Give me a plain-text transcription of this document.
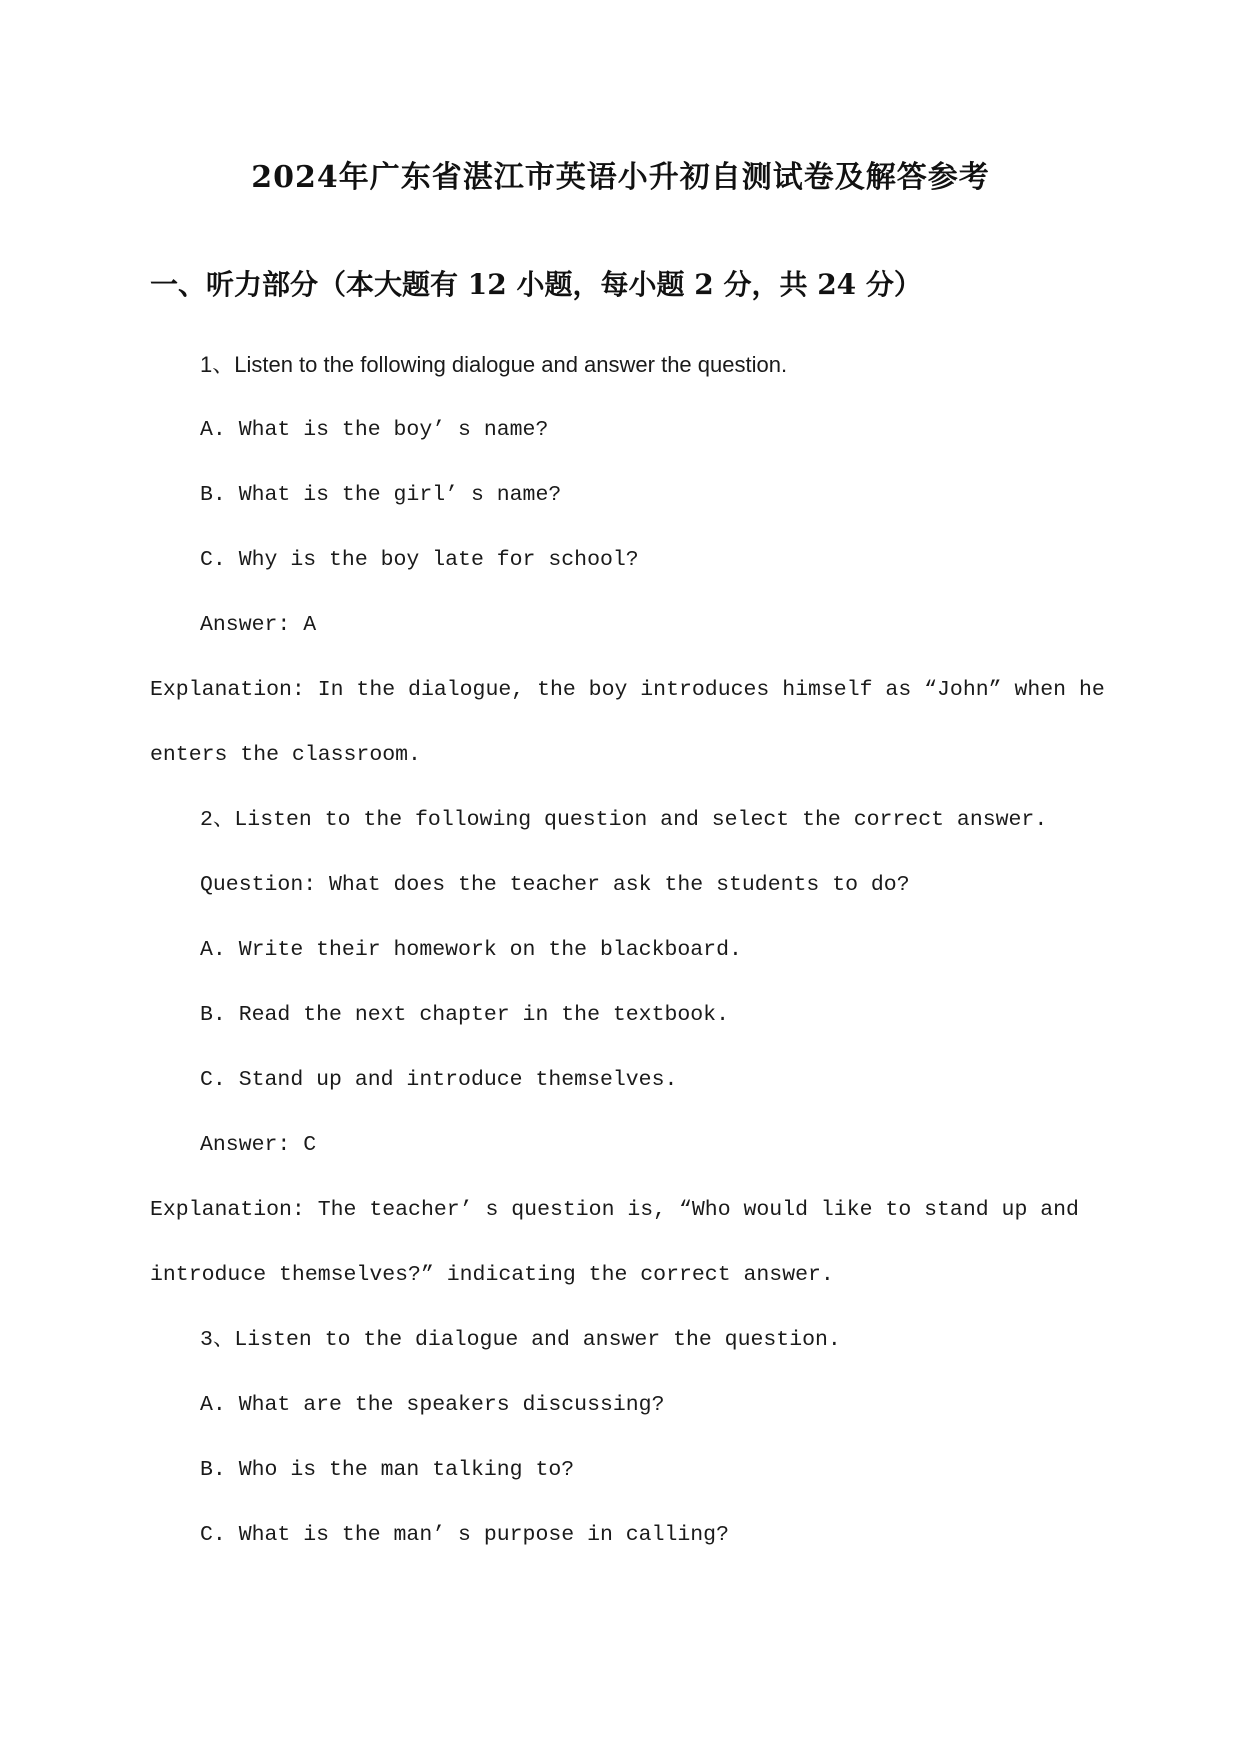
2024年广东省湛江市英语小升初自测试卷及解答参考
一、听力部分（本大题有 12 小题，每小题 2 分，共 24 分）
1、Listen to the following dialogue and answer the question.
A. What is the boy’ s name?
B. What is the girl’ s name?
C. Why is the boy late for school?
Answer: A
Explanation: In the dialogue, the boy introduces himself as “John” when he
enters the classroom.
2、Listen to the following question and select the correct answer.
Question: What does the teacher ask the students to do?
A. Write their homework on the blackboard.
B. Read the next chapter in the textbook.
C. Stand up and introduce themselves.
Answer: C
Explanation: The teacher’ s question is, “Who would like to stand up and
introduce themselves?” indicating the correct answer.
3、Listen to the dialogue and answer the question.
A. What are the speakers discussing?
B. Who is the man talking to?
C. What is the man’ s purpose in calling?
